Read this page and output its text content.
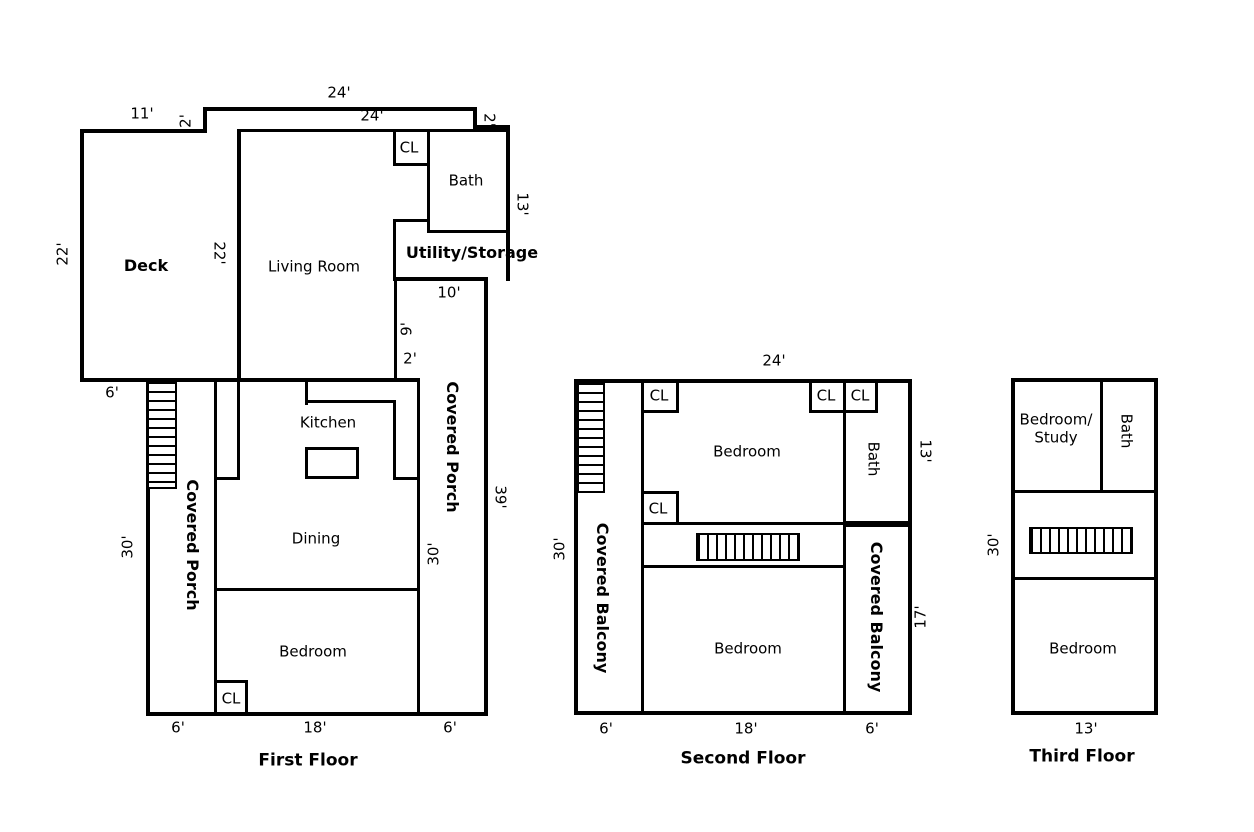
24'
24'
11' 2'	2'
22'	22'
CL
Bath
13'
Utility/Storage
10'
9'
2'
Deck	Living Room
6'
Covered Porch
30'
Kitchen
Dining
Bedroom
CL
30'
Covered Porch 39'
6'	18'	6'
First Floor
24'
CL	CL CL
CL
Bedroom	Bath 13'
Covered Balcony
30'
Bedroom	Covered Balcony 17'
6'	18'	6'
Second Floor
Bedroom/
Study	Bath
30'
Bedroom
13'
Third Floor
